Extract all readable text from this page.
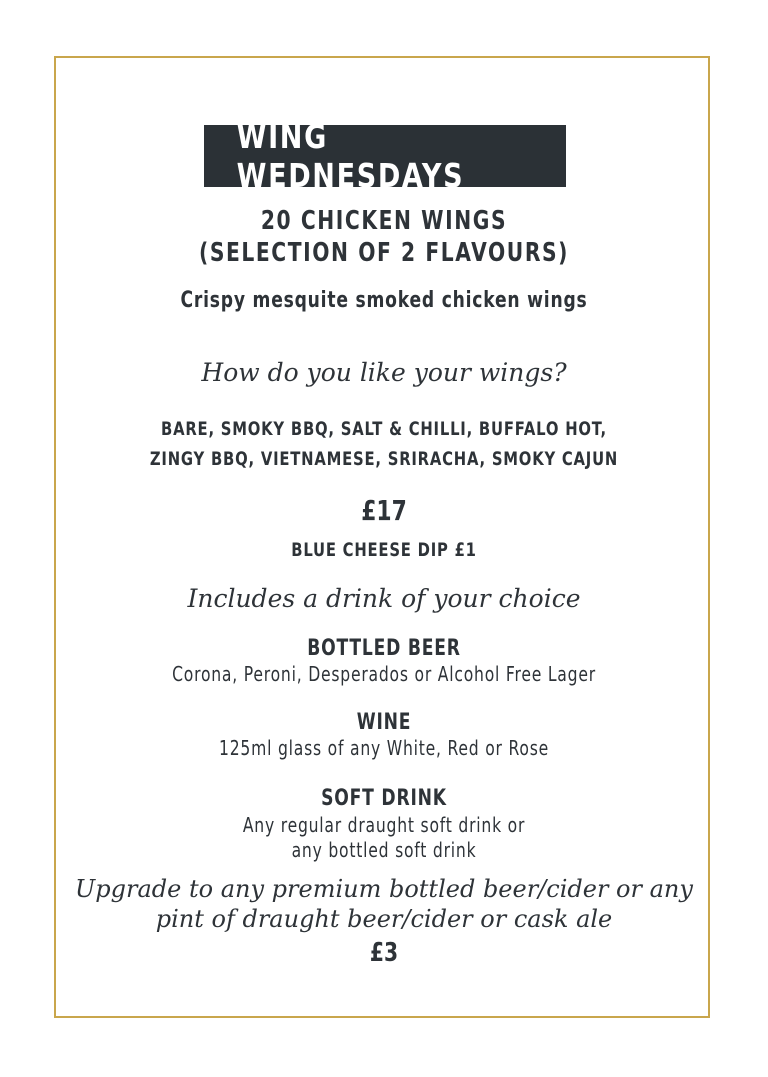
WING WEDNESDAYS
20 CHICKEN WINGS
(SELECTION OF 2 FLAVOURS)
Crispy mesquite smoked chicken wings
How do you like your wings?
BARE, SMOKY BBQ, SALT & CHILLI, BUFFALO HOT,
ZINGY BBQ, VIETNAMESE, SRIRACHA, SMOKY CAJUN
£17
BLUE CHEESE DIP £1
Includes a drink of your choice
BOTTLED BEER
Corona, Peroni, Desperados or Alcohol Free Lager
WINE
125ml glass of any White, Red or Rose
SOFT DRINK
Any regular draught soft drink or
any bottled soft drink
Upgrade to any premium bottled beer/cider or any
pint of draught beer/cider or cask ale
£3
